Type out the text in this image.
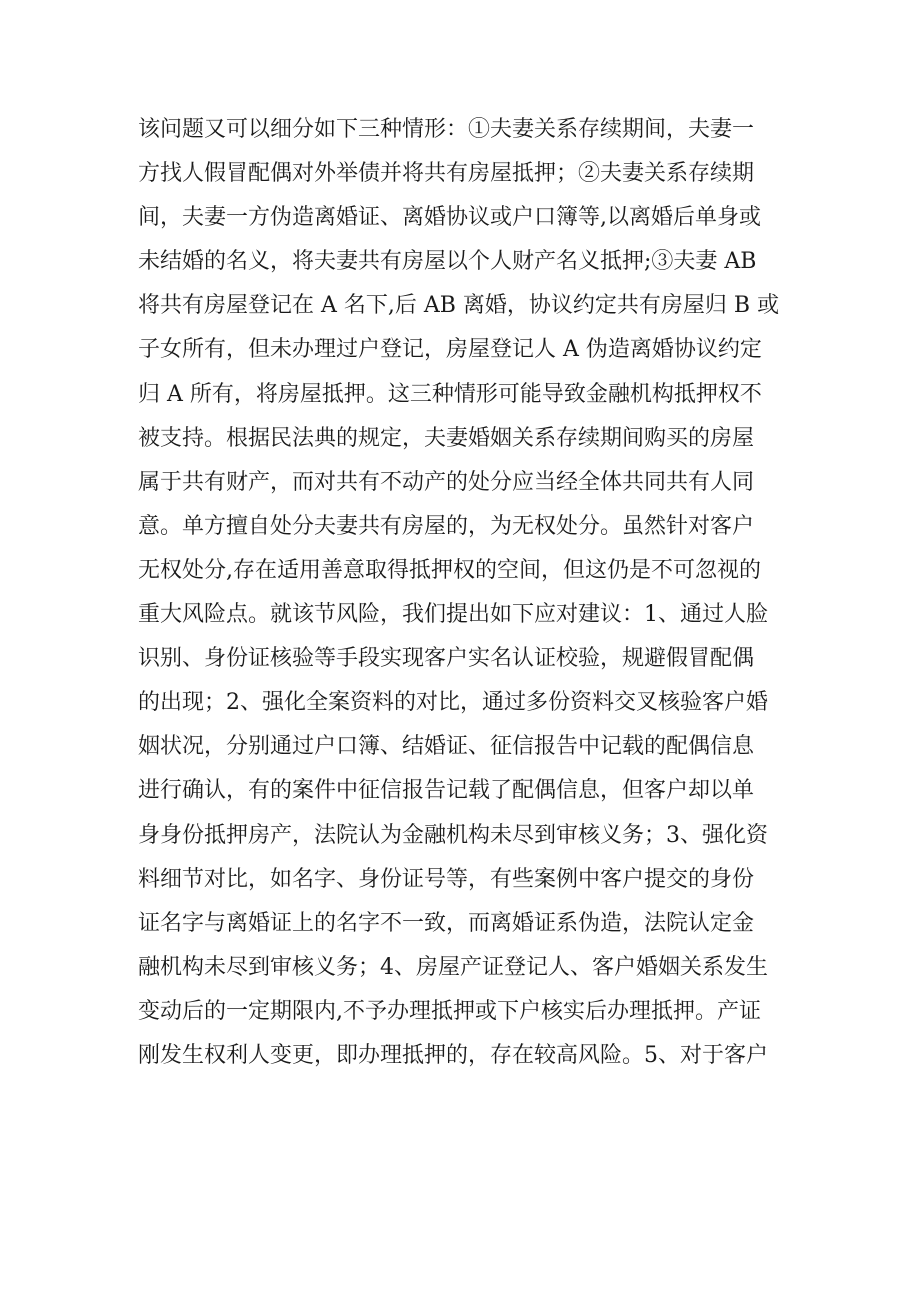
该问题又可以细分如下三种情形：①夫妻关系存续期间，夫妻一
方找人假冒配偶对外举债并将共有房屋抵押；②夫妻关系存续期
间，夫妻一方伪造离婚证、离婚协议或户口簿等,以离婚后单身或
未结婚的名义，将夫妻共有房屋以个人财产名义抵押;③夫妻 AB
将共有房屋登记在 A 名下,后 AB 离婚，协议约定共有房屋归 B 或
子女所有，但未办理过户登记，房屋登记人 A 伪造离婚协议约定
归 A 所有，将房屋抵押。这三种情形可能导致金融机构抵押权不
被支持。根据民法典的规定，夫妻婚姻关系存续期间购买的房屋
属于共有财产，而对共有不动产的处分应当经全体共同共有人同
意。单方擅自处分夫妻共有房屋的，为无权处分。虽然针对客户
无权处分,存在适用善意取得抵押权的空间，但这仍是不可忽视的
重大风险点。就该节风险，我们提出如下应对建议：1、通过人脸
识别、身份证核验等手段实现客户实名认证校验，规避假冒配偶
的出现；2、强化全案资料的对比，通过多份资料交叉核验客户婚
姻状况，分别通过户口簿、结婚证、征信报告中记载的配偶信息
进行确认，有的案件中征信报告记载了配偶信息，但客户却以单
身身份抵押房产，法院认为金融机构未尽到审核义务；3、强化资
料细节对比，如名字、身份证号等，有些案例中客户提交的身份
证名字与离婚证上的名字不一致，而离婚证系伪造，法院认定金
融机构未尽到审核义务；4、房屋产证登记人、客户婚姻关系发生
变动后的一定期限内,不予办理抵押或下户核实后办理抵押。产证
刚发生权利人变更，即办理抵押的，存在较高风险。5、对于客户
